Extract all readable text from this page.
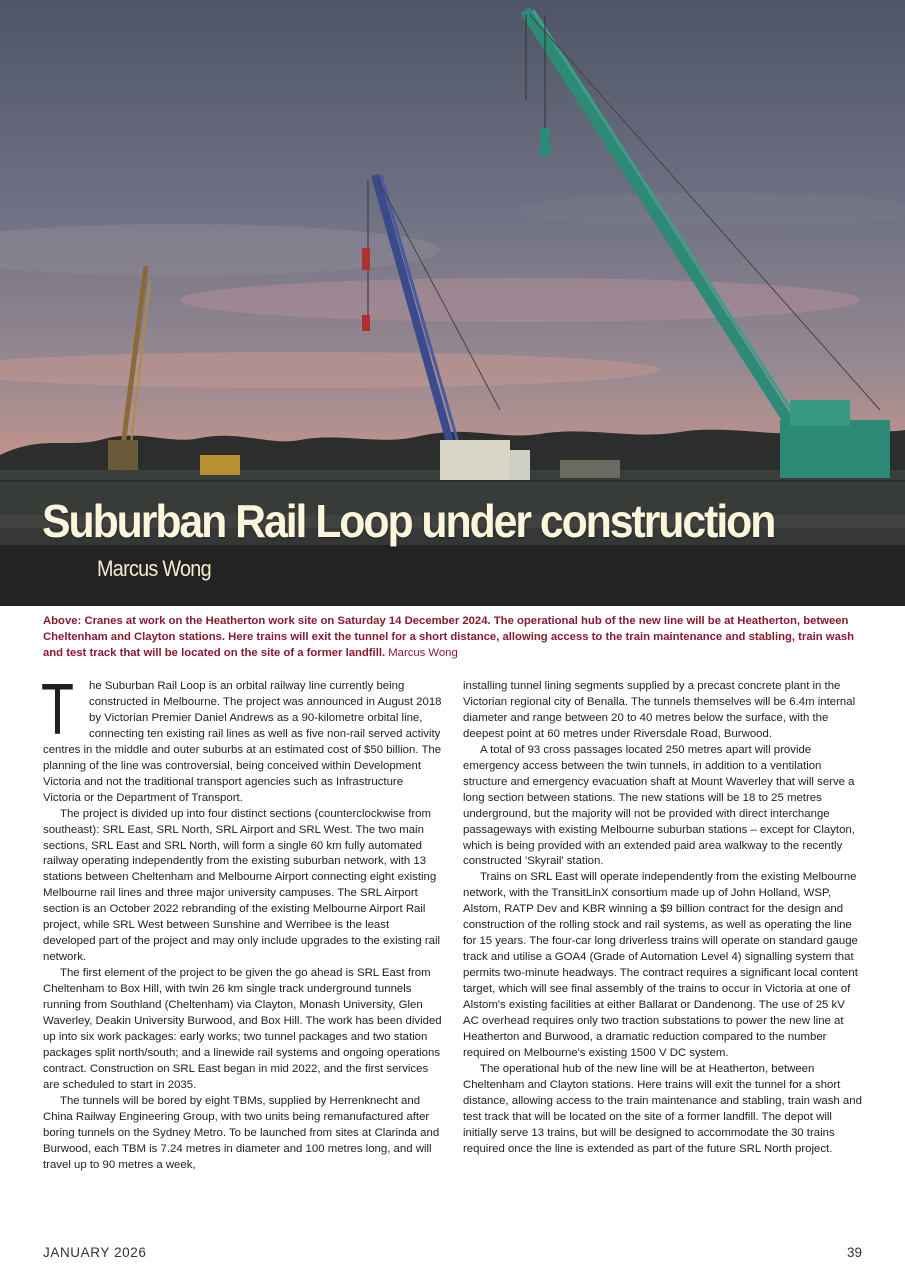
Suburban Rail Loop under construction
Marcus Wong

Above: Cranes at work on the Heatherton work site on Saturday 14 December 2024. The operational hub of the new line will be at Heatherton, between Cheltenham and Clayton stations. Here trains will exit the tunnel for a short distance, allowing access to the train maintenance and stabling, train wash and test track that will be located on the site of a former landfill. Marcus Wong

T he Suburban Rail Loop is an orbital railway line currently being constructed in Melbourne. The project was announced in August 2018 by Victorian Premier Daniel Andrews as a 90-kilometre orbital line, connecting ten existing rail lines as well as five non-rail served activity centres in the middle and outer suburbs at an estimated cost of $50 billion. The planning of the line was controversial, being conceived within Development Victoria and not the traditional transport agencies such as Infrastructure Victoria or the Department of Transport.

The project is divided up into four distinct sections (counterclockwise from southeast): SRL East, SRL North, SRL Airport and SRL West. The two main sections, SRL East and SRL North, will form a single 60 km fully automated railway operating independently from the existing suburban network, with 13 stations between Cheltenham and Melbourne Airport connecting eight existing Melbourne rail lines and three major university campuses. The SRL Airport section is an October 2022 rebranding of the existing Melbourne Airport Rail project, while SRL West between Sunshine and Werribee is the least developed part of the project and may only include upgrades to the existing rail network.

The first element of the project to be given the go ahead is SRL East from Cheltenham to Box Hill, with twin 26 km single track underground tunnels running from Southland (Cheltenham) via Clayton, Monash University, Glen Waverley, Deakin University Burwood, and Box Hill. The work has been divided up into six work packages: early works; two tunnel packages and two station packages split north/south; and a linewide rail systems and ongoing operations contract. Construction on SRL East began in mid 2022, and the first services are scheduled to start in 2035.

The tunnels will be bored by eight TBMs, supplied by Herrenknecht and China Railway Engineering Group, with two units being remanufactured after boring tunnels on the Sydney Metro. To be launched from sites at Clarinda and Burwood, each TBM is 7.24 metres in diameter and 100 metres long, and will travel up to 90 metres a week,

installing tunnel lining segments supplied by a precast concrete plant in the Victorian regional city of Benalla. The tunnels themselves will be 6.4m internal diameter and range between 20 to 40 metres below the surface, with the deepest point at 60 metres under Riversdale Road, Burwood.

A total of 93 cross passages located 250 metres apart will provide emergency access between the twin tunnels, in addition to a ventilation structure and emergency evacuation shaft at Mount Waverley that will serve a long section between stations. The new stations will be 18 to 25 metres underground, but the majority will not be provided with direct interchange passageways with existing Melbourne suburban stations – except for Clayton, which is being provided with an extended paid area walkway to the recently constructed 'Skyrail' station.

Trains on SRL East will operate independently from the existing Melbourne network, with the TransitLinX consortium made up of John Holland, WSP, Alstom, RATP Dev and KBR winning a $9 billion contract for the design and construction of the rolling stock and rail systems, as well as operating the line for 15 years. The four-car long driverless trains will operate on standard gauge track and utilise a GOA4 (Grade of Automation Level 4) signalling system that permits two-minute headways. The contract requires a significant local content target, which will see final assembly of the trains to occur in Victoria at one of Alstom's existing facilities at either Ballarat or Dandenong. The use of 25 kV AC overhead requires only two traction substations to power the new line at Heatherton and Burwood, a dramatic reduction compared to the number required on Melbourne's existing 1500 V DC system.

The operational hub of the new line will be at Heatherton, between Cheltenham and Clayton stations. Here trains will exit the tunnel for a short distance, allowing access to the train maintenance and stabling, train wash and test track that will be located on the site of a former landfill. The depot will initially serve 13 trains, but will be designed to accommodate the 30 trains required once the line is extended as part of the future SRL North project.

JANUARY 2026	39
